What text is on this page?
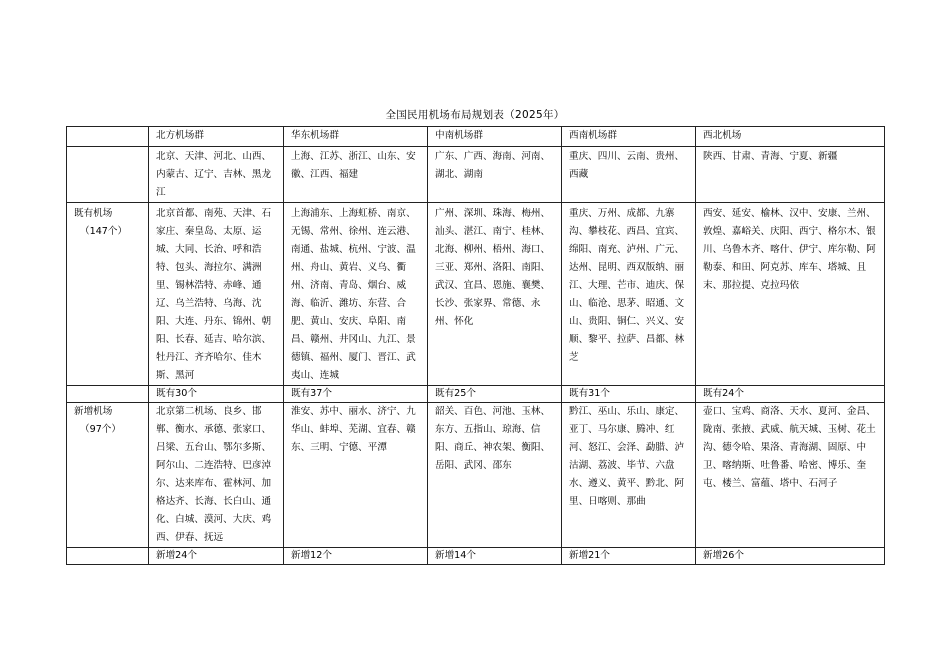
全国民用机场布局规划表（2025年）
	北方机场群	华东机场群	中南机场群	西南机场群	西北机场
	北京、天津、河北、山西、内蒙古、辽宁、吉林、黑龙江	上海、江苏、浙江、山东、安徽、江西、福建	广东、广西、海南、河南、湖北、湖南	重庆、四川、云南、贵州、西藏	陕西、甘肃、青海、宁夏、新疆
既有机场
（147个）	北京首都、南苑、天津、石家庄、秦皇岛、太原、运城、大同、长治、呼和浩特、包头、海拉尔、满洲里、锡林浩特、赤峰、通辽、乌兰浩特、乌海、沈阳、大连、丹东、锦州、朝阳、长春、延吉、哈尔滨、牡丹江、齐齐哈尔、佳木斯、黑河	上海浦东、上海虹桥、南京、无锡、常州、徐州、连云港、南通、盐城、杭州、宁波、温州、舟山、黄岩、义乌、衢州、济南、青岛、烟台、威海、临沂、潍坊、东营、合肥、黄山、安庆、阜阳、南昌、赣州、井冈山、九江、景德镇、福州、厦门、晋江、武夷山、连城	广州、深圳、珠海、梅州、汕头、湛江、南宁、桂林、北海、柳州、梧州、海口、三亚、郑州、洛阳、南阳、武汉、宜昌、恩施、襄樊、长沙、张家界、常德、永州、怀化	重庆、万州、成都、九寨沟、攀枝花、西昌、宜宾、绵阳、南充、泸州、广元、达州、昆明、西双版纳、丽江、大理、芒市、迪庆、保山、临沧、思茅、昭通、文山、贵阳、铜仁、兴义、安顺、黎平、拉萨、昌都、林芝	西安、延安、榆林、汉中、安康、兰州、敦煌、嘉峪关、庆阳、西宁、格尔木、银川、乌鲁木齐、喀什、伊宁、库尔勒、阿勒泰、和田、阿克苏、库车、塔城、且末、那拉提、克拉玛依
	既有30个	既有37个	既有25个	既有31个	既有24个
新增机场
（97个）	北京第二机场、良乡、邯郸、衡水、承德、张家口、吕梁、五台山、鄂尔多斯、阿尔山、二连浩特、巴彦淖尔、达来库布、霍林河、加格达齐、长海、长白山、通化、白城、漠河、大庆、鸡西、伊春、抚远	淮安、苏中、丽水、济宁、九华山、蚌埠、芜湖、宜春、赣东、三明、宁德、平潭	韶关、百色、河池、玉林、东方、五指山、琼海、信阳、商丘、神农架、衡阳、岳阳、武冈、邵东	黔江、巫山、乐山、康定、亚丁、马尔康、腾冲、红河、怒江、会泽、勐腊、泸沽湖、荔波、毕节、六盘水、遵义、黄平、黔北、阿里、日喀则、那曲	壶口、宝鸡、商洛、天水、夏河、金昌、陇南、张掖、武威、航天城、玉树、花土沟、德令哈、果洛、青海湖、固原、中卫、喀纳斯、吐鲁番、哈密、博乐、奎屯、楼兰、富蕴、塔中、石河子
	新增24个	新增12个	新增14个	新增21个	新增26个
